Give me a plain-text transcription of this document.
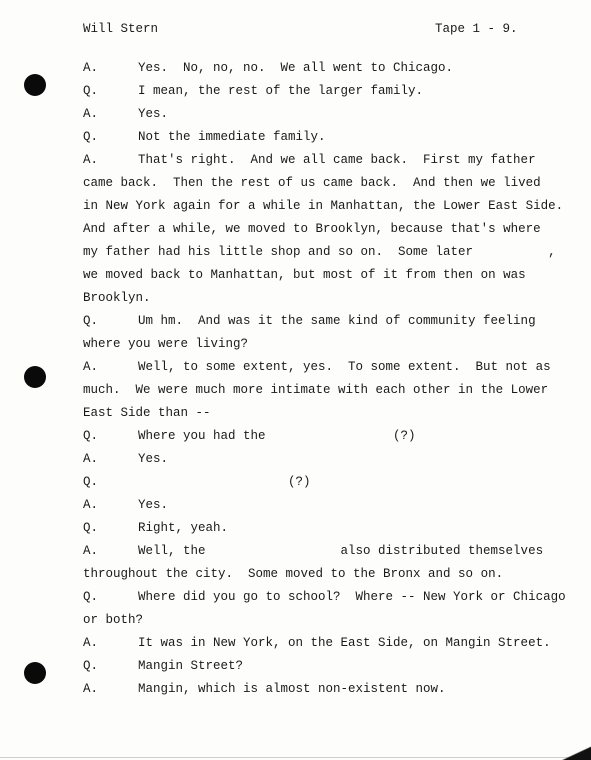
Will Stern	Tape 1 - 9.
A.	Yes.  No, no, no.  We all went to Chicago.
Q.	I mean, the rest of the larger family.
A.	Yes.
Q.	Not the immediate family.
A.	That's right.  And we all came back.  First my father
came back.  Then the rest of us came back.  And then we lived
in New York again for a while in Manhattan, the Lower East Side.
And after a while, we moved to Brooklyn, because that's where
my father had his little shop and so on.  Some later          ,
we moved back to Manhattan, but most of it from then on was
Brooklyn.
Q.	Um hm.  And was it the same kind of community feeling
where you were living?
A.	Well, to some extent, yes.  To some extent.  But not as
much.  We were much more intimate with each other in the Lower
East Side than --
Q.	Where you had the                 (?)
A.	Yes.
Q.	(?)
A.	Yes.
Q.	Right, yeah.
A.	Well, the                  also distributed themselves
throughout the city.  Some moved to the Bronx and so on.
Q.	Where did you go to school?  Where -- New York or Chicago
or both?
A.	It was in New York, on the East Side, on Mangin Street.
Q.	Mangin Street?
A.	Mangin, which is almost non-existent now.
